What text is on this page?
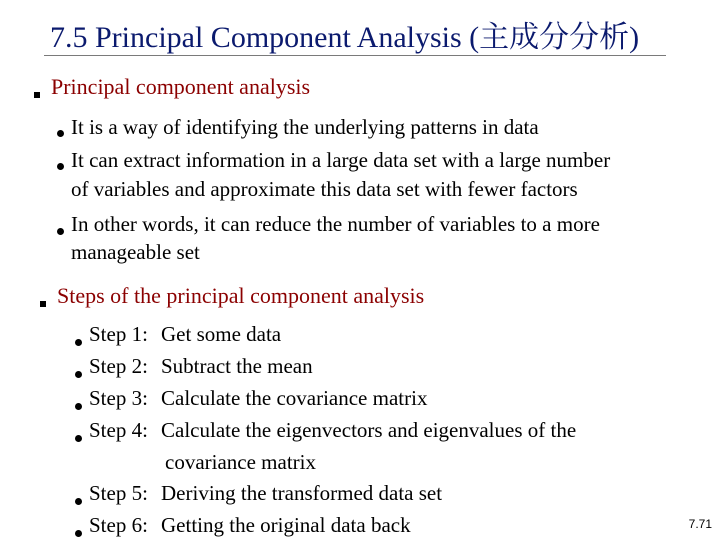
7.5 Principal Component Analysis (主成分分析)
Principal component analysis
It is a way of identifying the underlying patterns in data
It can extract information in a large data set with a large number
of variables and approximate this data set with fewer factors
In other words, it can reduce the number of variables to a more
manageable set
Steps of the principal component analysis
Step 1: Get some data
Step 2: Subtract the mean
Step 3: Calculate the covariance matrix
Step 4: Calculate the eigenvectors and eigenvalues of the
covariance matrix
Step 5: Deriving the transformed data set
Step 6: Getting the original data back	7.71
